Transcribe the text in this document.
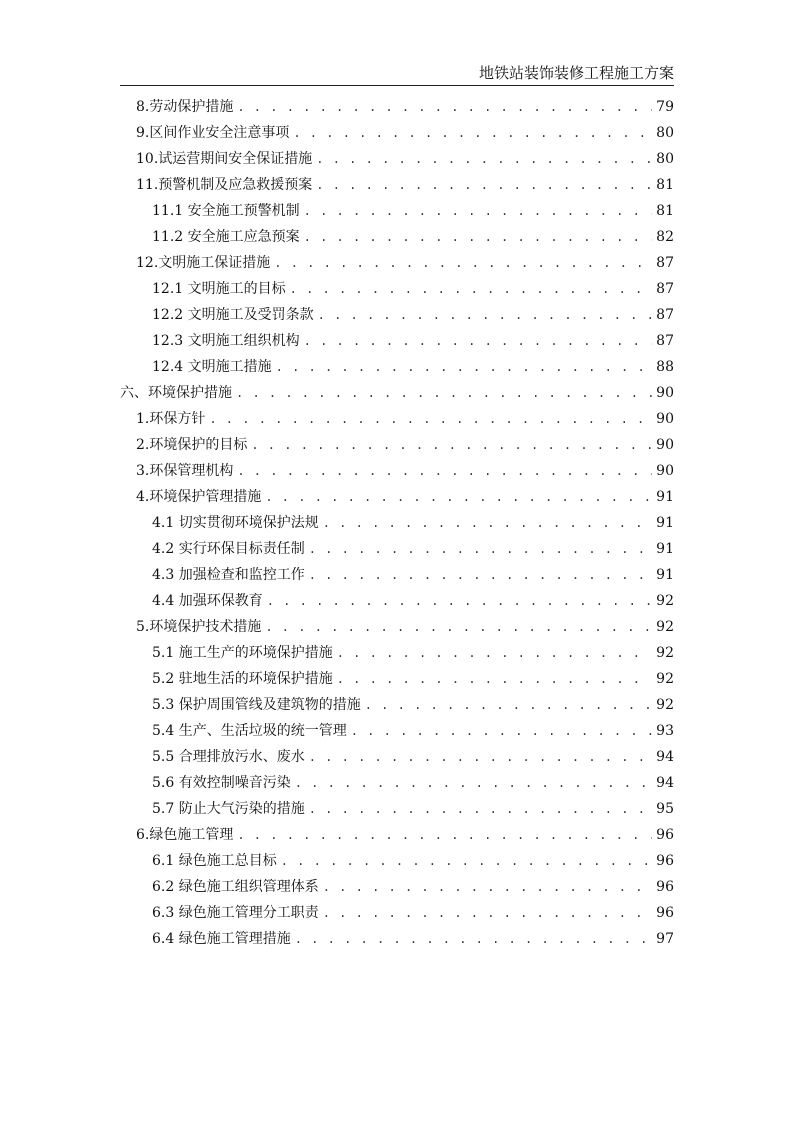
地铁站装饰装修工程施工方案
8.劳动保护措施 . . .	79
9.区间作业安全注意事项 . . .	80
10.试运营期间安全保证措施 . . .	80
11.预警机制及应急救援预案 . . .	81
11.1 安全施工预警机制 . . .	81
11.2 安全施工应急预案 . . .	82
12.文明施工保证措施 . . .	87
12.1 文明施工的目标 . . .	87
12.2 文明施工及受罚条款 . . .	87
12.3 文明施工组织机构 . . .	87
12.4 文明施工措施 . . .	88
六、环境保护措施 . . .	90
1.环保方针 . . .	90
2.环境保护的目标 . . .	90
3.环保管理机构 . . .	90
4.环境保护管理措施 . . .	91
4.1 切实贯彻环境保护法规 . . .	91
4.2 实行环保目标责任制 . . .	91
4.3 加强检查和监控工作 . . .	91
4.4 加强环保教育 . . .	92
5.环境保护技术措施 . . .	92
5.1 施工生产的环境保护措施 . . .	92
5.2 驻地生活的环境保护措施 . . .	92
5.3 保护周围管线及建筑物的措施 . . .	92
5.4 生产、生活垃圾的统一管理 . . .	93
5.5 合理排放污水、废水 . . .	94
5.6 有效控制噪音污染 . . .	94
5.7 防止大气污染的措施 . . .	95
6.绿色施工管理 . . .	96
6.1 绿色施工总目标 . . .	96
6.2 绿色施工组织管理体系 . . .	96
6.3 绿色施工管理分工职责 . . .	96
6.4 绿色施工管理措施 . . .	97
